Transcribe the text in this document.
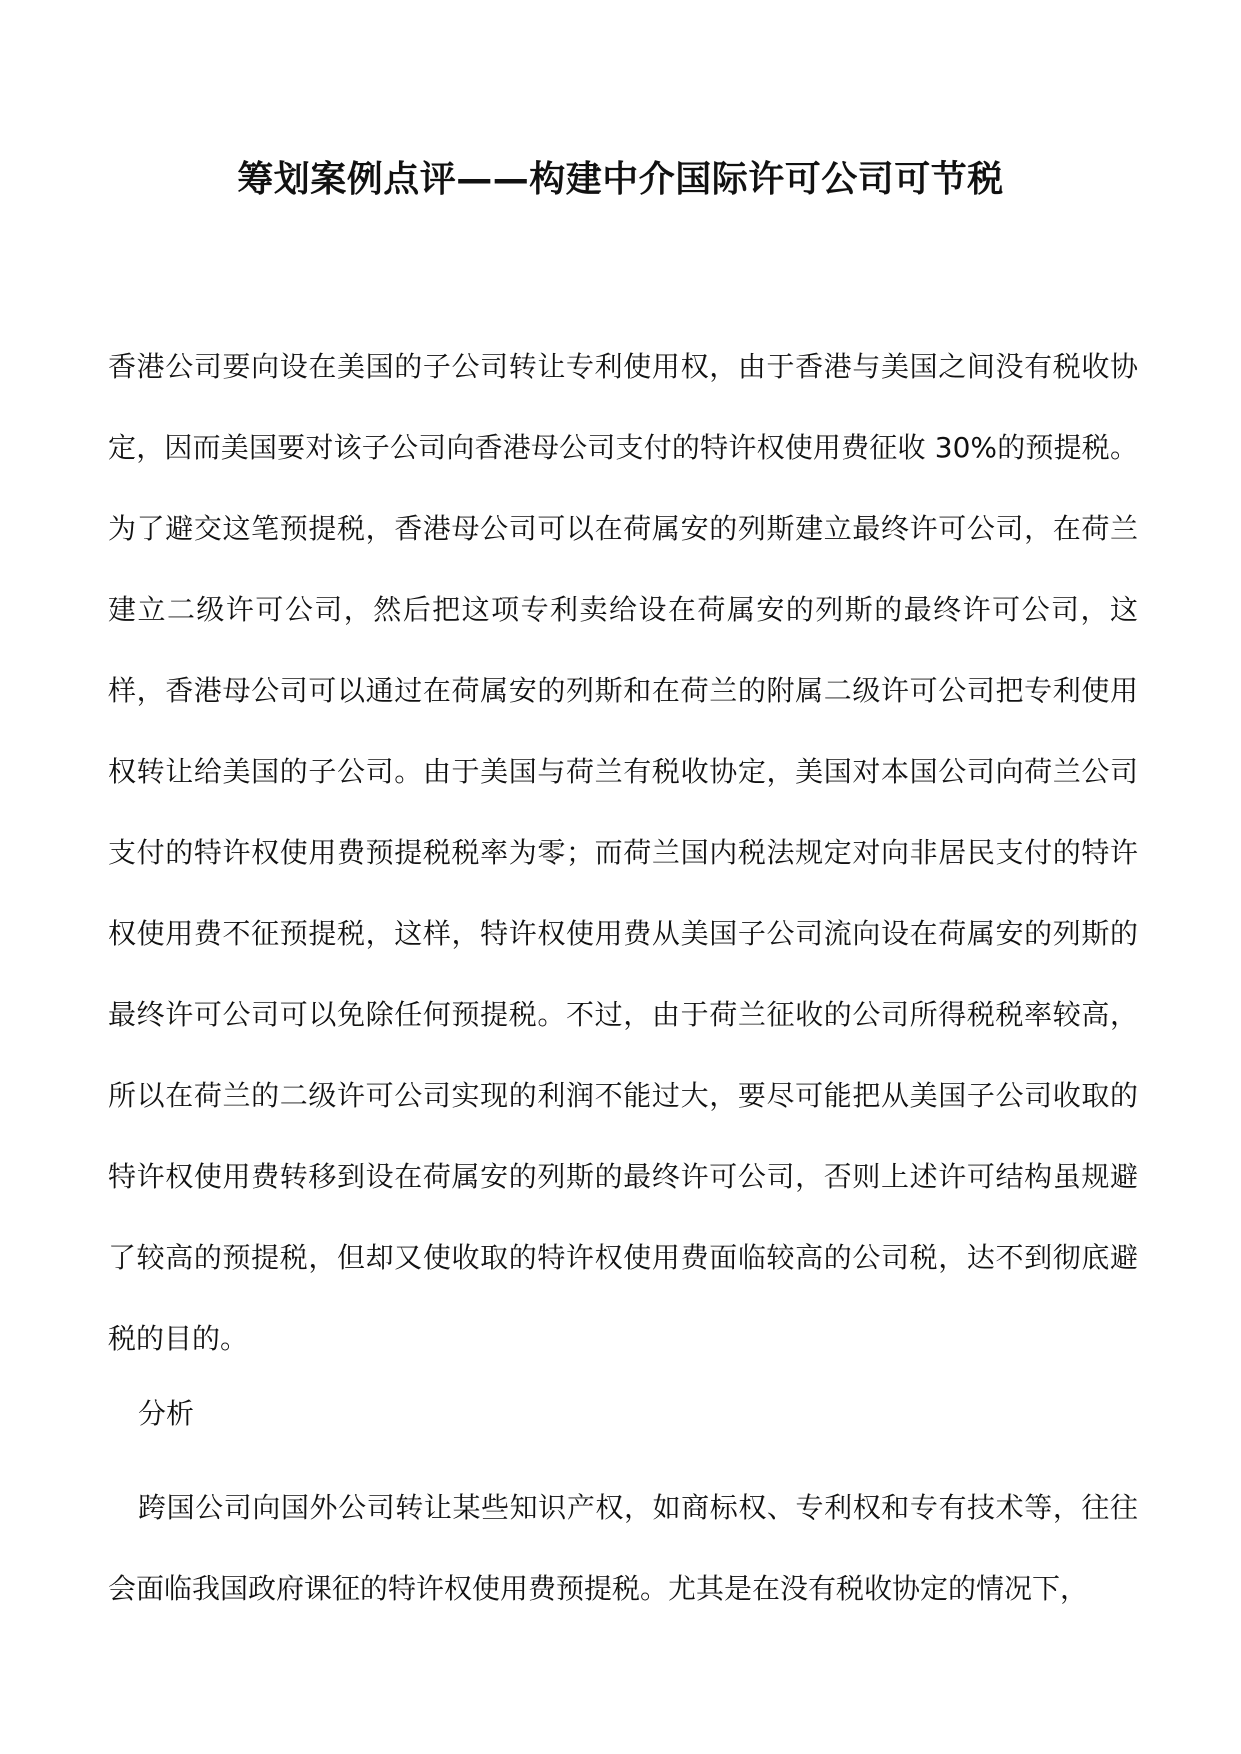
筹划案例点评——构建中介国际许可公司可节税

香港公司要向设在美国的子公司转让专利使用权，由于香港与美国之间没有税收协定，因而美国要对该子公司向香港母公司支付的特许权使用费征收 30%的预提税。为了避交这笔预提税，香港母公司可以在荷属安的列斯建立最终许可公司，在荷兰建立二级许可公司，然后把这项专利卖给设在荷属安的列斯的最终许可公司，这样，香港母公司可以通过在荷属安的列斯和在荷兰的附属二级许可公司把专利使用权转让给美国的子公司。由于美国与荷兰有税收协定，美国对本国公司向荷兰公司支付的特许权使用费预提税税率为零；而荷兰国内税法规定对向非居民支付的特许权使用费不征预提税，这样，特许权使用费从美国子公司流向设在荷属安的列斯的最终许可公司可以免除任何预提税。不过，由于荷兰征收的公司所得税税率较高，所以在荷兰的二级许可公司实现的利润不能过大，要尽可能把从美国子公司收取的特许权使用费转移到设在荷属安的列斯的最终许可公司，否则上述许可结构虽规避了较高的预提税，但却又使收取的特许权使用费面临较高的公司税，达不到彻底避税的目的。

分析

跨国公司向国外公司转让某些知识产权，如商标权、专利权和专有技术等，往往会面临我国政府课征的特许权使用费预提税。尤其是在没有税收协定的情况下，
